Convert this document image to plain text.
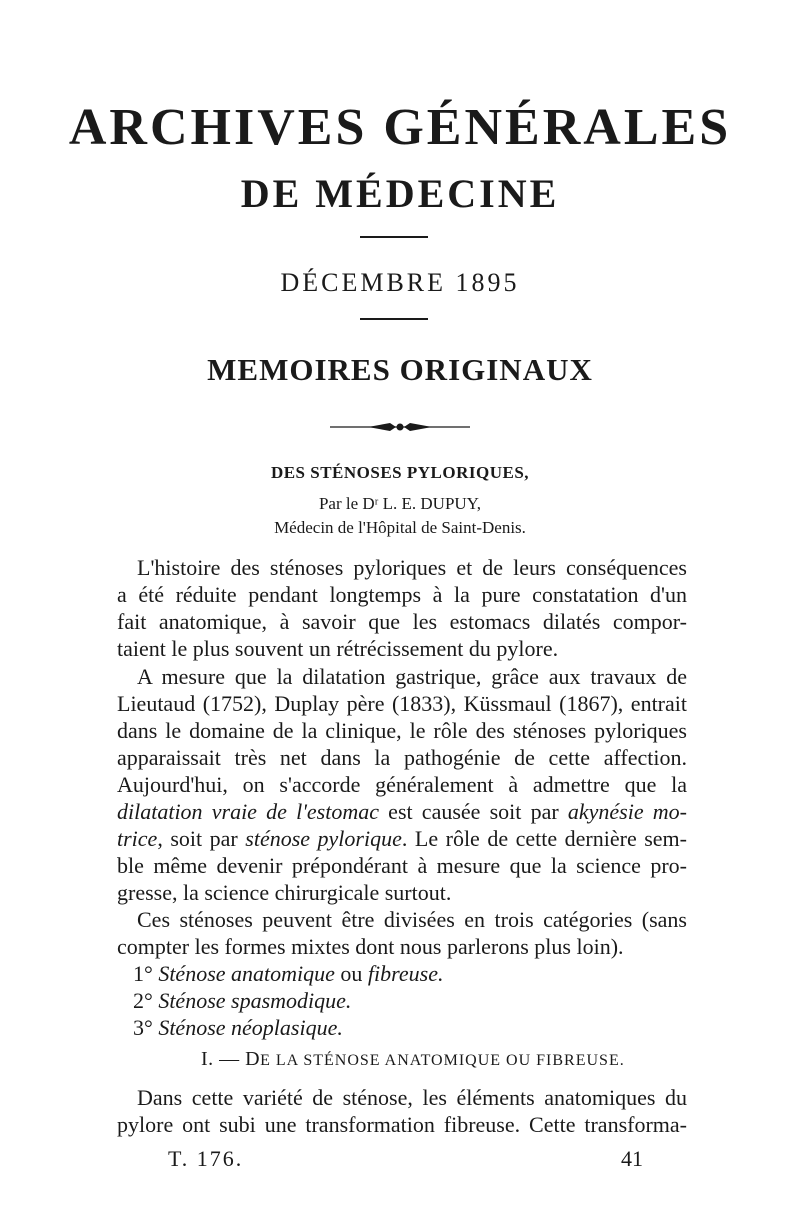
ARCHIVES GÉNÉRALES
DE MÉDECINE
DÉCEMBRE 1895
MEMOIRES ORIGINAUX
DES STÉNOSES PYLORIQUES,
Par le Dʳ L. E. DUPUY,
Médecin de l'Hôpital de Saint-Denis.
L'histoire des sténoses pyloriques et de leurs conséquences
a été réduite pendant longtemps à la pure constatation d'un
fait anatomique, à savoir que les estomacs dilatés compor-
taient le plus souvent un rétrécissement du pylore.
A mesure que la dilatation gastrique, grâce aux travaux de
Lieutaud (1752), Duplay père (1833), Küssmaul (1867), entrait
dans le domaine de la clinique, le rôle des sténoses pyloriques
apparaissait très net dans la pathogénie de cette affection.
Aujourd'hui, on s'accorde généralement à admettre que la
dilatation vraie de l'estomac est causée soit par akynésie mo-
trice, soit par sténose pylorique. Le rôle de cette dernière sem-
ble même devenir prépondérant à mesure que la science pro-
gresse, la science chirurgicale surtout.
Ces sténoses peuvent être divisées en trois catégories (sans
compter les formes mixtes dont nous parlerons plus loin).
1° Sténose anatomique ou fibreuse.
2° Sténose spasmodique.
3° Sténose néoplasique.
I. — DE LA STÉNOSE ANATOMIQUE OU FIBREUSE.
Dans cette variété de sténose, les éléments anatomiques du
pylore ont subi une transformation fibreuse. Cette transforma-
T. 176.	41
